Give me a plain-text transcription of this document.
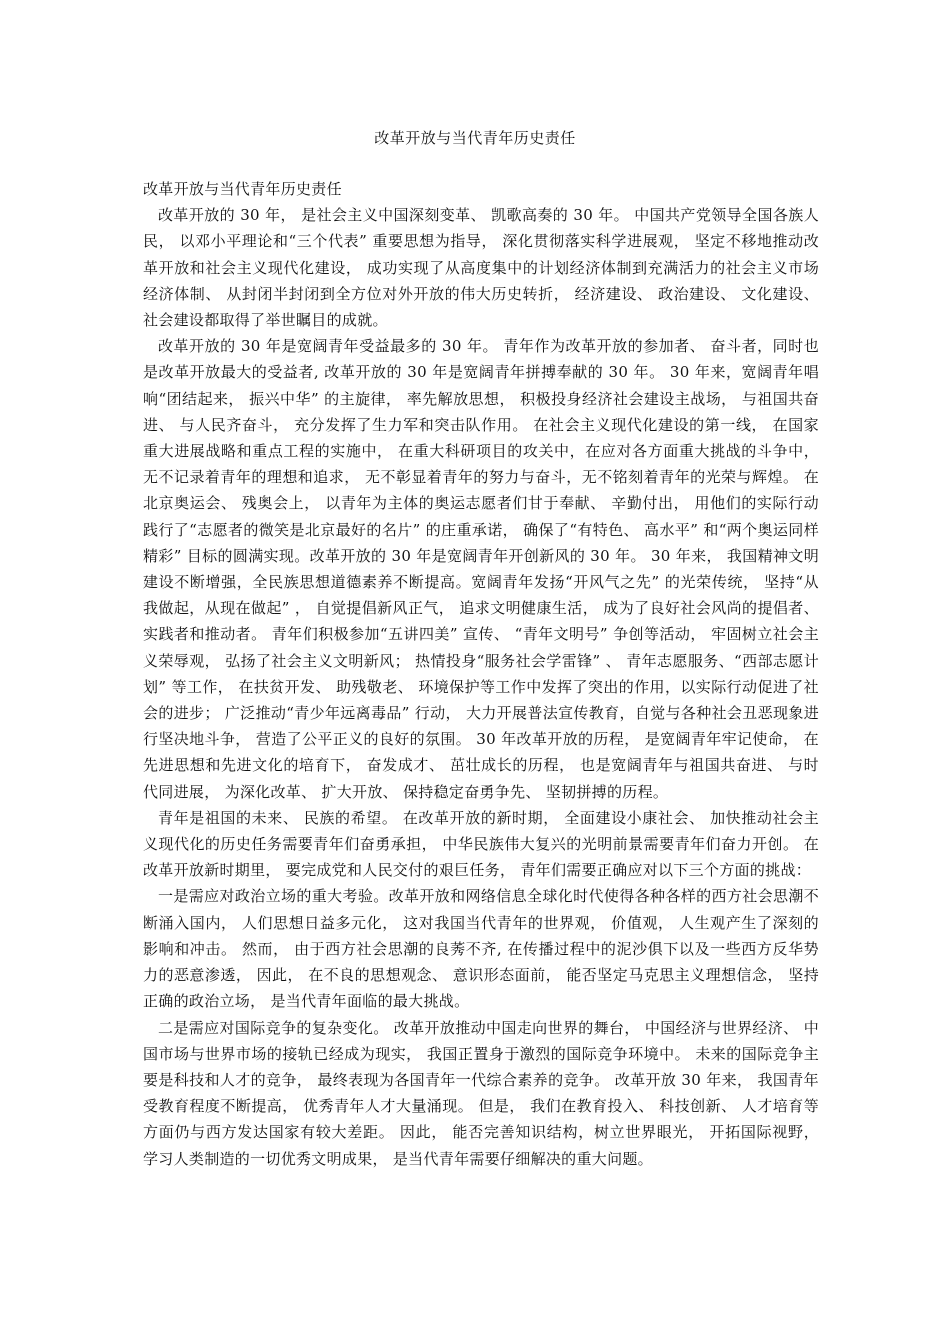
改革开放与当代青年历史责任

改革开放与当代青年历史责任

改革开放的 30 年， 是社会主义中国深刻变革、 凯歌高奏的 30 年。 中国共产党领导全国各族人民， 以邓小平理论和“三个代表” 重要思想为指导， 深化贯彻落实科学进展观， 坚定不移地推动改革开放和社会主义现代化建设， 成功实现了从高度集中的计划经济体制到充满活力的社会主义市场经济体制、 从封闭半封闭到全方位对外开放的伟大历史转折， 经济建设、 政治建设、 文化建设、 社会建设都取得了举世瞩目的成就。

改革开放的 30 年是宽阔青年受益最多的 30 年。 青年作为改革开放的参加者、 奋斗者，同时也是改革开放最大的受益者, 改革开放的 30 年是宽阔青年拼搏奉献的 30 年。 30 年来，宽阔青年唱响“团结起来， 振兴中华” 的主旋律， 率先解放思想， 积极投身经济社会建设主战场， 与祖国共奋进、 与人民齐奋斗， 充分发挥了生力军和突击队作用。 在社会主义现代化建设的第一线， 在国家重大进展战略和重点工程的实施中， 在重大科研项目的攻关中，在应对各方面重大挑战的斗争中， 无不记录着青年的理想和追求， 无不彰显着青年的努力与奋斗，无不铭刻着青年的光荣与辉煌。 在北京奥运会、 残奥会上， 以青年为主体的奥运志愿者们甘于奉献、 辛勤付出， 用他们的实际行动践行了“志愿者的微笑是北京最好的名片” 的庄重承诺， 确保了“有特色、 高水平” 和“两个奥运同样精彩” 目标的圆满实现。改革开放的 30 年是宽阔青年开创新风的 30 年。 30 年来， 我国精神文明建设不断增强，全民族思想道德素养不断提高。宽阔青年发扬“开风气之先” 的光荣传统， 坚持“从我做起，从现在做起” ， 自觉提倡新风正气， 追求文明健康生活， 成为了良好社会风尚的提倡者、 实践者和推动者。 青年们积极参加“五讲四美” 宣传、 “青年文明号” 争创等活动， 牢固树立社会主义荣辱观， 弘扬了社会主义文明新风； 热情投身“服务社会学雷锋” 、 青年志愿服务、“西部志愿计划” 等工作， 在扶贫开发、 助残敬老、 环境保护等工作中发挥了突出的作用，以实际行动促进了社会的进步； 广泛推动“青少年远离毒品” 行动， 大力开展普法宣传教育，自觉与各种社会丑恶现象进行坚决地斗争， 营造了公平正义的良好的氛围。 30 年改革开放的历程， 是宽阔青年牢记使命， 在先进思想和先进文化的培育下， 奋发成才、 茁壮成长的历程， 也是宽阔青年与祖国共奋进、 与时代同进展， 为深化改革、 扩大开放、 保持稳定奋勇争先、 坚韧拼搏的历程。

青年是祖国的未来、 民族的希望。 在改革开放的新时期， 全面建设小康社会、 加快推动社会主义现代化的历史任务需要青年们奋勇承担， 中华民族伟大复兴的光明前景需要青年们奋力开创。 在改革开放新时期里， 要完成党和人民交付的艰巨任务， 青年们需要正确应对以下三个方面的挑战：

一是需应对政治立场的重大考验。改革开放和网络信息全球化时代使得各种各样的西方社会思潮不断涌入国内， 人们思想日益多元化， 这对我国当代青年的世界观， 价值观， 人生观产生了深刻的影响和冲击。 然而， 由于西方社会思潮的良莠不齐, 在传播过程中的泥沙俱下以及一些西方反华势力的恶意渗透， 因此， 在不良的思想观念、 意识形态面前， 能否坚定马克思主义理想信念， 坚持正确的政治立场， 是当代青年面临的最大挑战。

二是需应对国际竞争的复杂变化。 改革开放推动中国走向世界的舞台， 中国经济与世界经济、 中国市场与世界市场的接轨已经成为现实， 我国正置身于激烈的国际竞争环境中。 未来的国际竞争主要是科技和人才的竞争， 最终表现为各国青年一代综合素养的竞争。 改革开放 30 年来， 我国青年受教育程度不断提高， 优秀青年人才大量涌现。 但是， 我们在教育投入、 科技创新、 人才培育等方面仍与西方发达国家有较大差距。 因此， 能否完善知识结构，树立世界眼光， 开拓国际视野， 学习人类制造的一切优秀文明成果， 是当代青年需要仔细解决的重大问题。
